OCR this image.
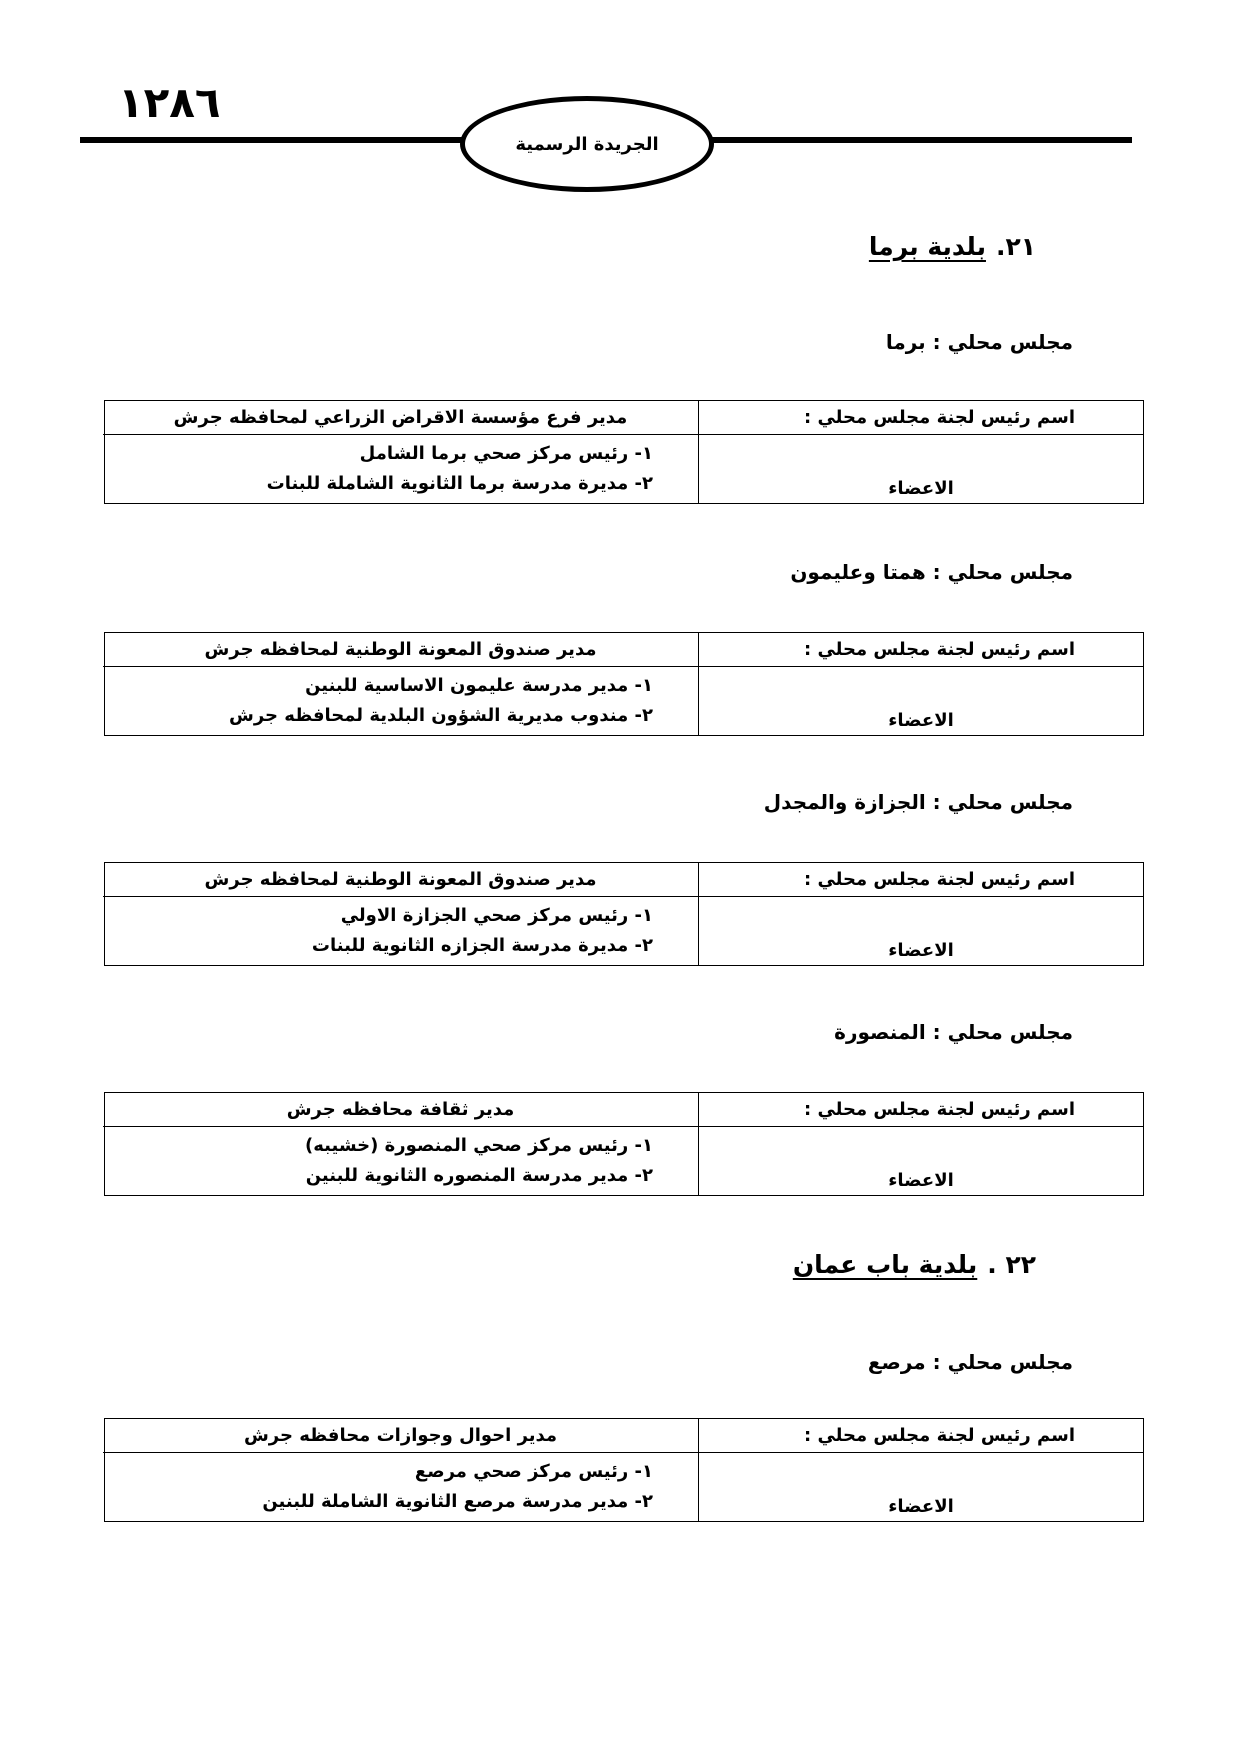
١٢٨٦
الجريدة الرسمية
٢١.بلدية برما
مجلس محلي : برما
اسم رئيس لجنة مجلس محلي :
مدير فرع مؤسسة الاقراض الزراعي لمحافظه جرش
الاعضاء
١- رئيس مركز صحي برما الشامل
٢- مديرة مدرسة برما الثانوية الشاملة للبنات
مجلس محلي : همتا وعليمون
اسم رئيس لجنة مجلس محلي :
مدير صندوق المعونة الوطنية لمحافظه جرش
الاعضاء
١- مدير مدرسة عليمون الاساسية للبنين
٢- مندوب مديرية الشؤون البلدية لمحافظه جرش
مجلس محلي : الجزازة والمجدل
اسم رئيس لجنة مجلس محلي :
مدير صندوق المعونة الوطنية لمحافظه جرش
الاعضاء
١- رئيس مركز صحي الجزازة الاولي
٢- مديرة مدرسة الجزازه الثانوية للبنات
مجلس محلي : المنصورة
اسم رئيس لجنة مجلس محلي :
مدير ثقافة محافظه جرش
الاعضاء
١- رئيس مركز صحي المنصورة (خشيبه)
٢- مدير مدرسة المنصوره الثانوية للبنين
٢٢ .بلدية باب عمان
مجلس محلي : مرصع
اسم رئيس لجنة مجلس محلي :
مدير احوال وجوازات محافظه جرش
الاعضاء
١- رئيس مركز صحي مرصع
٢- مدير مدرسة مرصع الثانوية الشاملة للبنين
